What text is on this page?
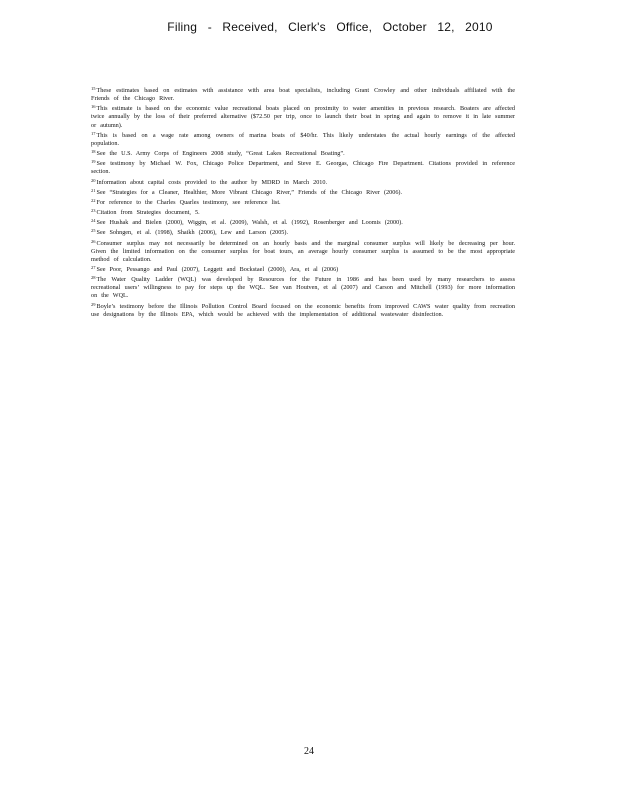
Filing - Received, Clerk's Office, October 12, 2010
$^{15}$These estimates based on estimates with assistance with area boat specialists, including Grant Crowley and other individuals affiliated with the Friends of the Chicago River.
$^{16}$This estimate is based on the economic value recreational boats placed on proximity to water amenities in previous research. Boaters are affected twice annually by the loss of their preferred alternative ($72.50 per trip, once to launch their boat in spring and again to remove it in late summer or autumn).
$^{17}$This is based on a wage rate among owners of marina boats of $40/hr. This likely understates the actual hourly earnings of the affected population.
$^{18}$See the U.S. Army Corps of Engineers 2008 study, “Great Lakes Recreational Boating”.
$^{19}$See testimony by Michael W. Fox, Chicago Police Department, and Steve E. Georgas, Chicago Fire Department. Citations provided in reference section.
$^{20}$Information about capital costs provided to the author by MDRD in March 2010.
$^{21}$See “Strategies for a Cleaner, Healthier, More Vibrant Chicago River,” Friends of the Chicago River (2006).
$^{22}$For reference to the Charles Quarles testimony, see reference list.
$^{23}$Citation from Strategies document, 5.
$^{24}$See Hushak and Bielen (2000), Wiggin, et al. (2009), Walsh, et al. (1992), Rosenberger and Loomis (2000).
$^{25}$See Sohngen, et al. (1998), Shaikh (2006), Lew and Larson (2005).
$^{26}$Consumer surplus may not necessarily be determined on an hourly basis and the marginal consumer surplus will likely be decreasing per hour. Given the limited information on the consumer surplus for boat tours, an average hourly consumer surplus is assumed to be the most appropriate method of calculation.
$^{27}$See Poor, Pessango and Paul (2007), Leggett and Bockstael (2000), Ara, et al (2006)
$^{28}$The Water Quality Ladder (WQL) was developed by Resources for the Future in 1986 and has been used by many researchers to assess recreational users’ willingness to pay for steps up the WQL. See van Houtven, et al (2007) and Carson and Mitchell (1993) for more information on the WQL.
$^{29}$Boyle’s testimony before the Illinois Pollution Control Board focused on the economic benefits from improved CAWS water quality from recreation use designations by the Illinois EPA, which would be achieved with the implementation of additional wastewater disinfection.
24
